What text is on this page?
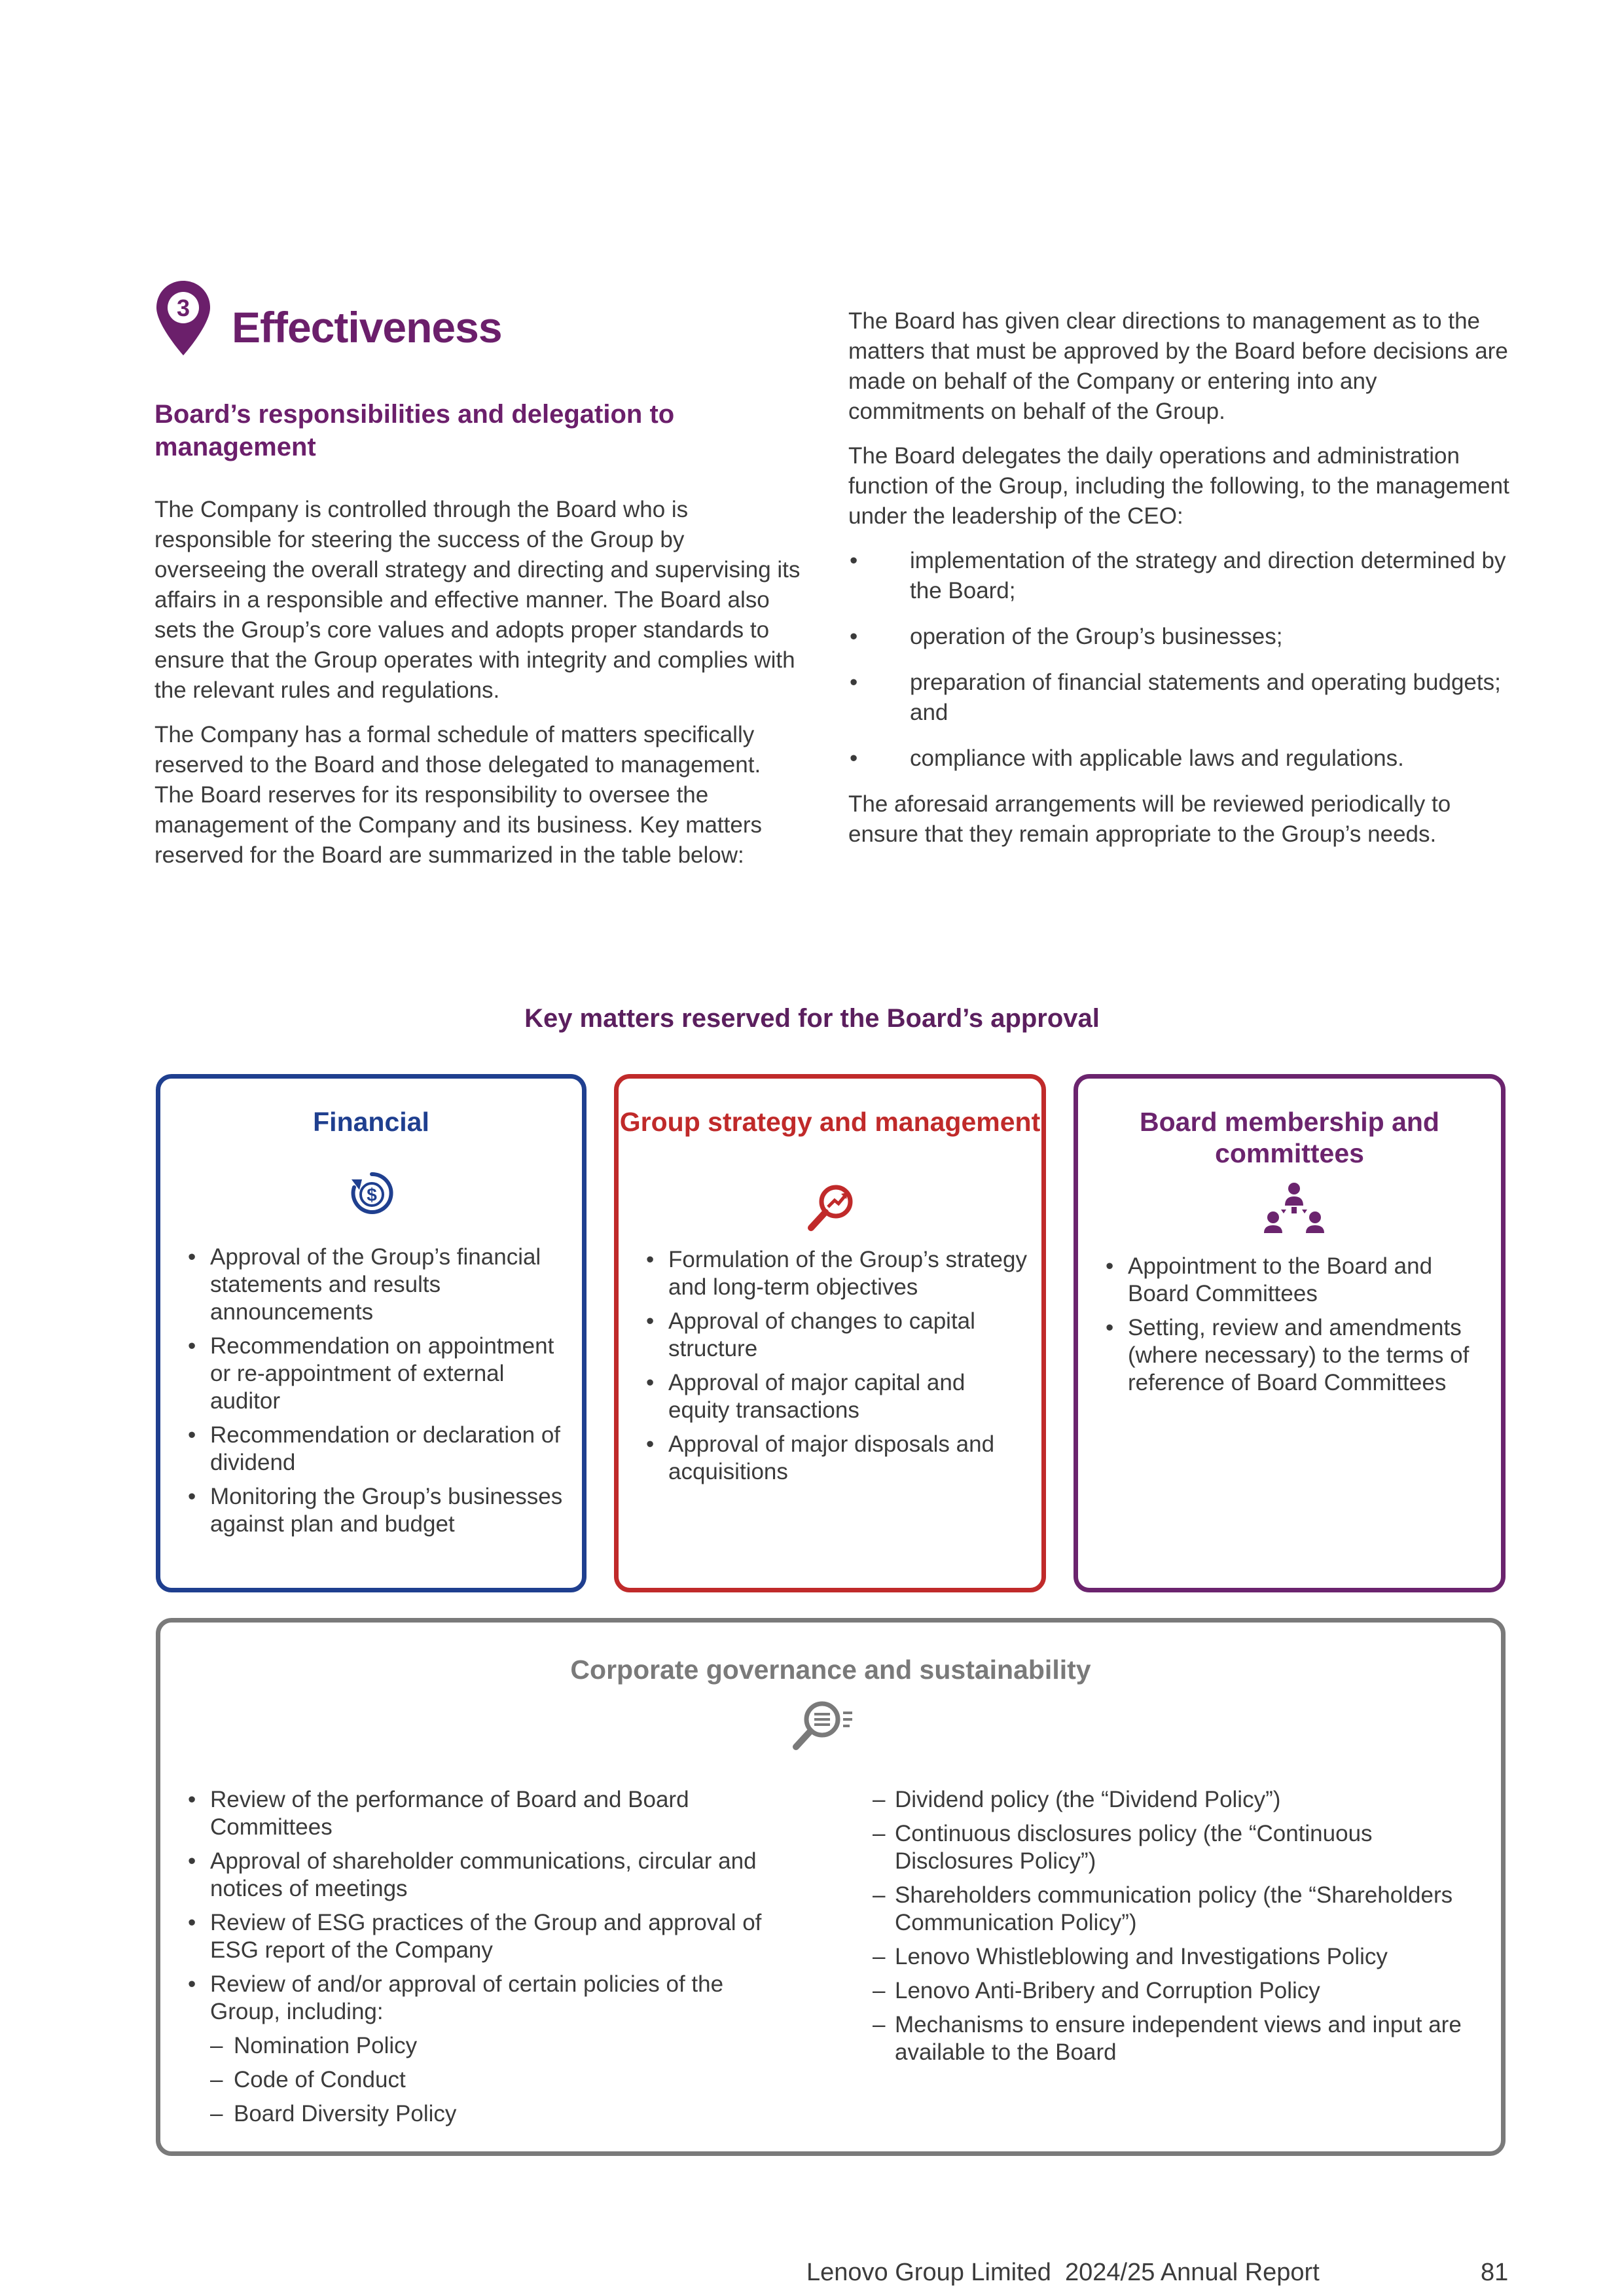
3 Effectiveness
Board’s responsibilities and delegation to management

The Company is controlled through the Board who is responsible for steering the success of the Group by overseeing the overall strategy and directing and supervising its affairs in a responsible and effective manner. The Board also sets the Group’s core values and adopts proper standards to ensure that the Group operates with integrity and complies with the relevant rules and regulations.

The Company has a formal schedule of matters specifically reserved to the Board and those delegated to management. The Board reserves for its responsibility to oversee the management of the Company and its business. Key matters reserved for the Board are summarized in the table below:

The Board has given clear directions to management as to the matters that must be approved by the Board before decisions are made on behalf of the Company or entering into any commitments on behalf of the Group.

The Board delegates the daily operations and administration function of the Group, including the following, to the management under the leadership of the CEO:

• implementation of the strategy and direction determined by the Board;
• operation of the Group’s businesses;
• preparation of financial statements and operating budgets; and
• compliance with applicable laws and regulations.

The aforesaid arrangements will be reviewed periodically to ensure that they remain appropriate to the Group’s needs.

Key matters reserved for the Board’s approval
Financial
$
• Approval of the Group’s financial statements and results announcements
• Recommendation on appointment or re-appointment of external auditor
• Recommendation or declaration of dividend
• Monitoring the Group’s businesses against plan and budget
Group strategy and management
• Formulation of the Group’s strategy and long-term objectives
• Approval of changes to capital structure
• Approval of major capital and equity transactions
• Approval of major disposals and acquisitions
Board membership and committees
• Appointment to the Board and Board Committees
• Setting, review and amendments (where necessary) to the terms of reference of Board Committees
Corporate governance and sustainability
• Review of the performance of Board and Board Committees
• Approval of shareholder communications, circular and notices of meetings
• Review of ESG practices of the Group and approval of ESG report of the Company
• Review of and/or approval of certain policies of the Group, including:
– Nomination Policy
– Code of Conduct
– Board Diversity Policy
– Dividend policy (the “Dividend Policy”)
– Continuous disclosures policy (the “Continuous Disclosures Policy”)
– Shareholders communication policy (the “Shareholders Communication Policy”)
– Lenovo Whistleblowing and Investigations Policy
– Lenovo Anti-Bribery and Corruption Policy
– Mechanisms to ensure independent views and input are available to the Board
Lenovo Group Limited  2024/25 Annual Report	81
